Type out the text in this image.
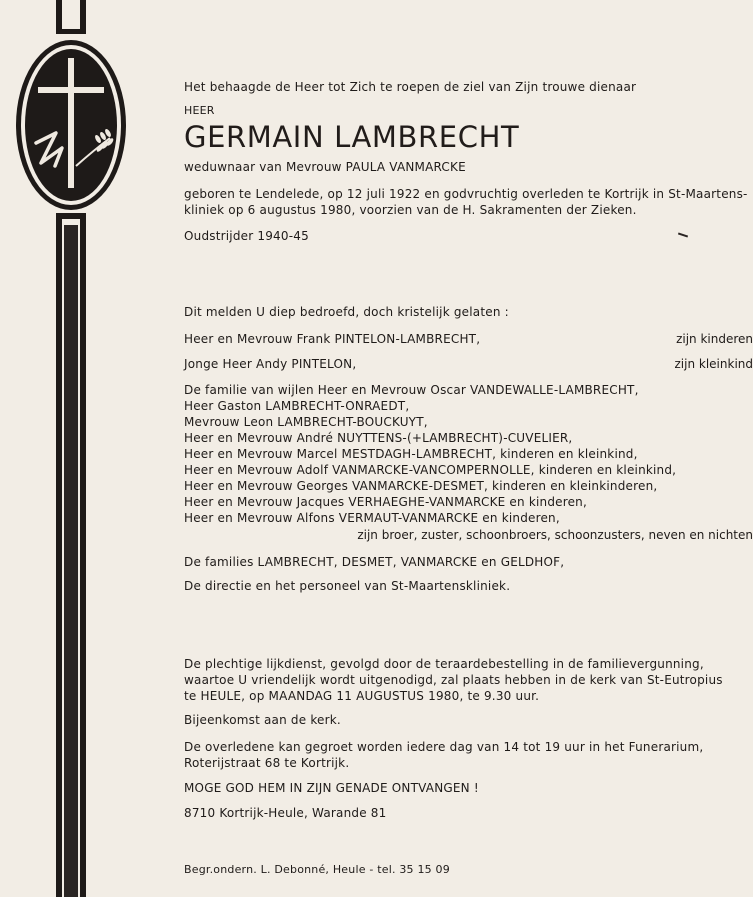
Het behaagde de Heer tot Zich te roepen de ziel van Zijn trouwe dienaar
HEER
GERMAIN LAMBRECHT
weduwnaar van Mevrouw PAULA VANMARCKE
geboren te Lendelede, op 12 juli 1922 en godvruchtig overleden te Kortrijk in St-Maartens-
kliniek op 6 augustus 1980, voorzien van de H. Sakramenten der Zieken.
Oudstrijder 1940-45
Dit melden U diep bedroefd, doch kristelijk gelaten :
Heer en Mevrouw Frank PINTELON-LAMBRECHT,	zijn kinderen
Jonge Heer Andy PINTELON,	zijn kleinkind
De familie van wijlen Heer en Mevrouw Oscar VANDEWALLE-LAMBRECHT,
Heer Gaston LAMBRECHT-ONRAEDT,
Mevrouw Leon LAMBRECHT-BOUCKUYT,
Heer en Mevrouw André NUYTTENS-(+LAMBRECHT)-CUVELIER,
Heer en Mevrouw Marcel MESTDAGH-LAMBRECHT, kinderen en kleinkind,
Heer en Mevrouw Adolf VANMARCKE-VANCOMPERNOLLE, kinderen en kleinkind,
Heer en Mevrouw Georges VANMARCKE-DESMET, kinderen en kleinkinderen,
Heer en Mevrouw Jacques VERHAEGHE-VANMARCKE en kinderen,
Heer en Mevrouw Alfons VERMAUT-VANMARCKE en kinderen,
zijn broer, zuster, schoonbroers, schoonzusters, neven en nichten
De families LAMBRECHT, DESMET, VANMARCKE en GELDHOF,
De directie en het personeel van St-Maartenskliniek.
De plechtige lijkdienst, gevolgd door de teraardebestelling in de familievergunning,
waartoe U vriendelijk wordt uitgenodigd, zal plaats hebben in de kerk van St-Eutropius
te HEULE, op MAANDAG 11 AUGUSTUS 1980, te 9.30 uur.
Bijeenkomst aan de kerk.
De overledene kan gegroet worden iedere dag van 14 tot 19 uur in het Funerarium,
Roterijstraat 68 te Kortrijk.
MOGE GOD HEM IN ZIJN GENADE ONTVANGEN !
8710 Kortrijk-Heule, Warande 81
Begr.ondern. L. Debonné, Heule - tel. 35 15 09
